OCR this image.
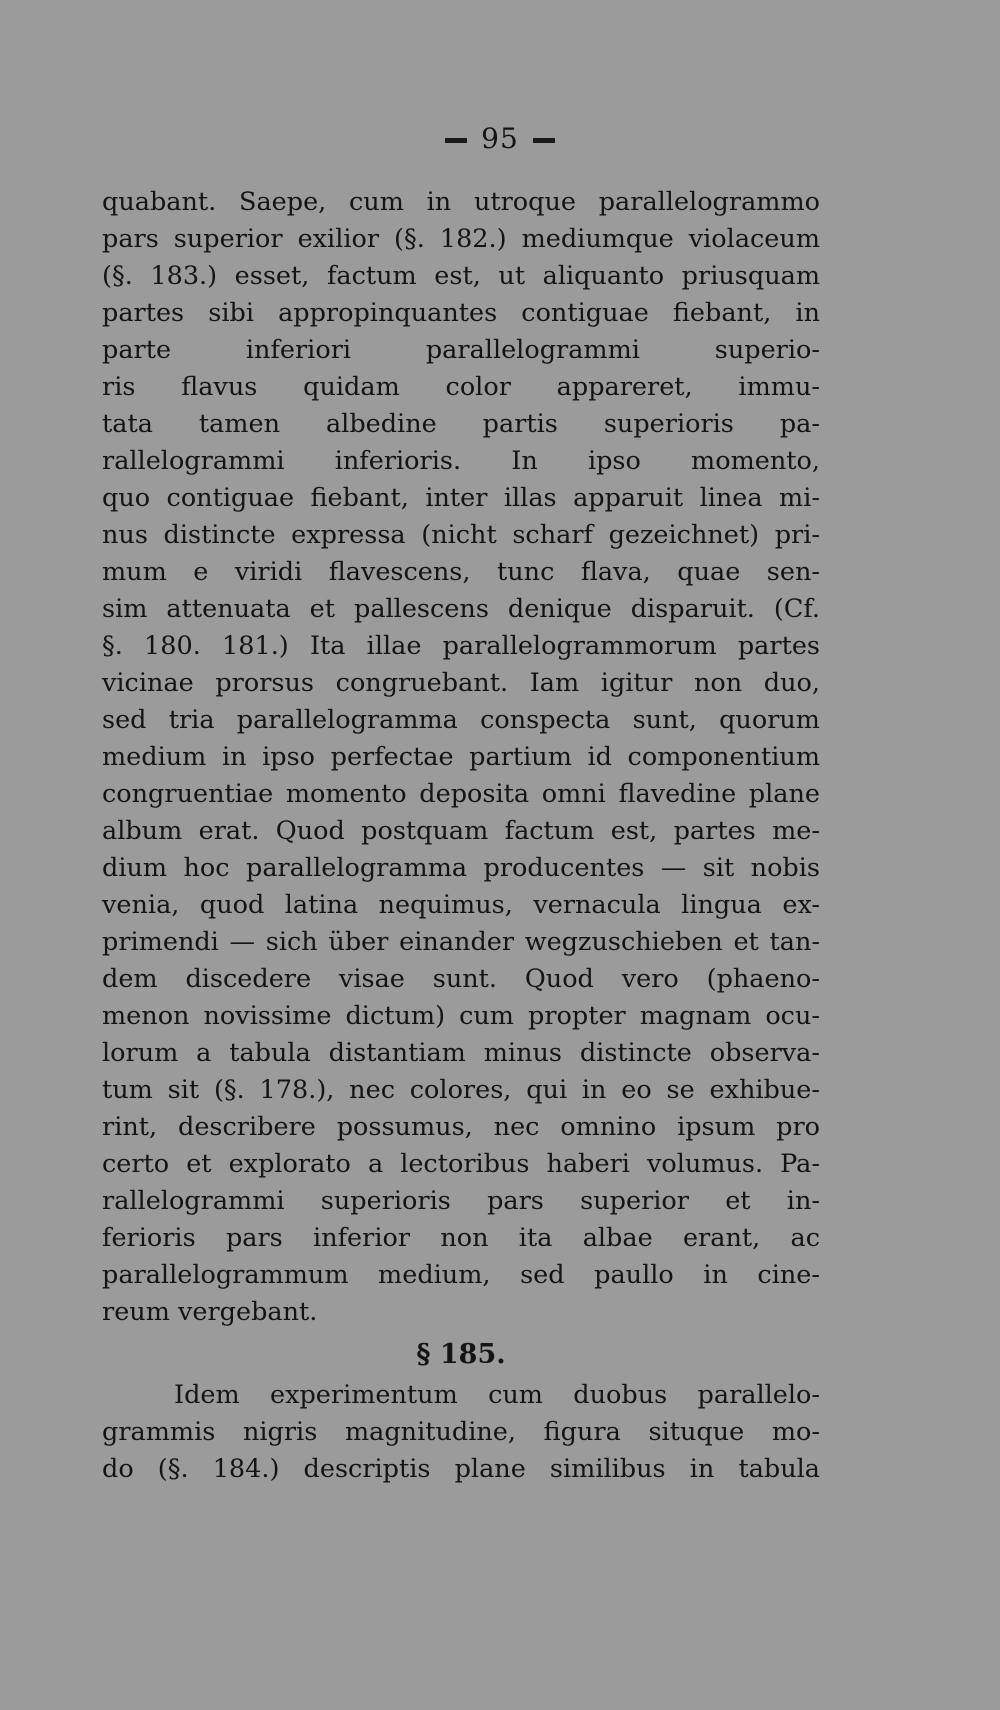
95
quabant. Saepe, cum in utroque parallelogrammo
pars superior exilior (§. 182.) mediumque violaceum
(§. 183.) esset, factum est, ut aliquanto priusquam
partes sibi appropinquantes contiguae fiebant, in
parte inferiori parallelogrammi superio-
ris flavus quidam color appareret, immu-
tata tamen albedine partis superioris pa-
rallelogrammi inferioris. In ipso momento,
quo contiguae fiebant, inter illas apparuit linea mi-
nus distincte expressa (nicht scharf gezeichnet) pri-
mum e viridi flavescens, tunc flava, quae sen-
sim attenuata et pallescens denique disparuit. (Cf.
§. 180. 181.) Ita illae parallelogrammorum partes
vicinae prorsus congruebant. Iam igitur non duo,
sed tria parallelogramma conspecta sunt, quorum
medium in ipso perfectae partium id componentium
congruentiae momento deposita omni flavedine plane
album erat. Quod postquam factum est, partes me-
dium hoc parallelogramma producentes — sit nobis
venia, quod latina nequimus, vernacula lingua ex-
primendi — sich über einander wegzuschieben et tan-
dem discedere visae sunt. Quod vero (phaeno-
menon novissime dictum) cum propter magnam ocu-
lorum a tabula distantiam minus distincte observa-
tum sit (§. 178.), nec colores, qui in eo se exhibue-
rint, describere possumus, nec omnino ipsum pro
certo et explorato a lectoribus haberi volumus. Pa-
rallelogrammi superioris pars superior et in-
ferioris pars inferior non ita albae erant, ac
parallelogrammum medium, sed paullo in cine-
reum vergebant.
§ 185.
Idem experimentum cum duobus parallelo-
grammis nigris magnitudine, figura situque mo-
do (§. 184.) descriptis plane similibus in tabula
